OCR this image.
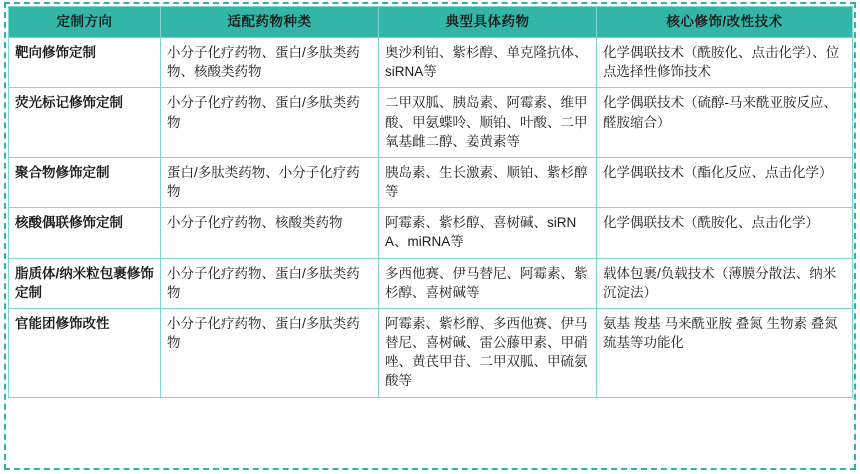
定制方向	适配药物种类	典型具体药物	核心修饰/改性技术
靶向修饰定制	小分子化疗药物、蛋白/多肽类药物、核酸类药物	奥沙利铂、紫杉醇、单克隆抗体、siRNA等	化学偶联技术（酰胺化、点击化学）、位点选择性修饰技术
荧光标记修饰定制	小分子化疗药物、蛋白/多肽类药物	二甲双胍、胰岛素、阿霉素、维甲酸、甲氨蝶呤、顺铂、叶酸、二甲氧基雌二醇、姜黄素等	化学偶联技术（硫醇-马来酰亚胺反应、醛胺缩合）
聚合物修饰定制	蛋白/多肽类药物、小分子化疗药物	胰岛素、生长激素、顺铂、紫杉醇等	化学偶联技术（酯化反应、点击化学）
核酸偶联修饰定制	小分子化疗药物、核酸类药物	阿霉素、紫杉醇、喜树碱、siRNA、miRNA等	化学偶联技术（酰胺化、点击化学）
脂质体/纳米粒包裹修饰定制	小分子化疗药物、蛋白/多肽类药物	多西他赛、伊马替尼、阿霉素、紫杉醇、喜树碱等	载体包裹/负载技术（薄膜分散法、纳米沉淀法）
官能团修饰改性	小分子化疗药物、蛋白/多肽类药物	阿霉素、紫杉醇、多西他赛、伊马替尼、喜树碱、雷公藤甲素、甲硝唑、黄芪甲苷、二甲双胍、甲硫氨酸等	氨基 羧基 马来酰亚胺 叠氮 生物素 叠氮 巯基等功能化
